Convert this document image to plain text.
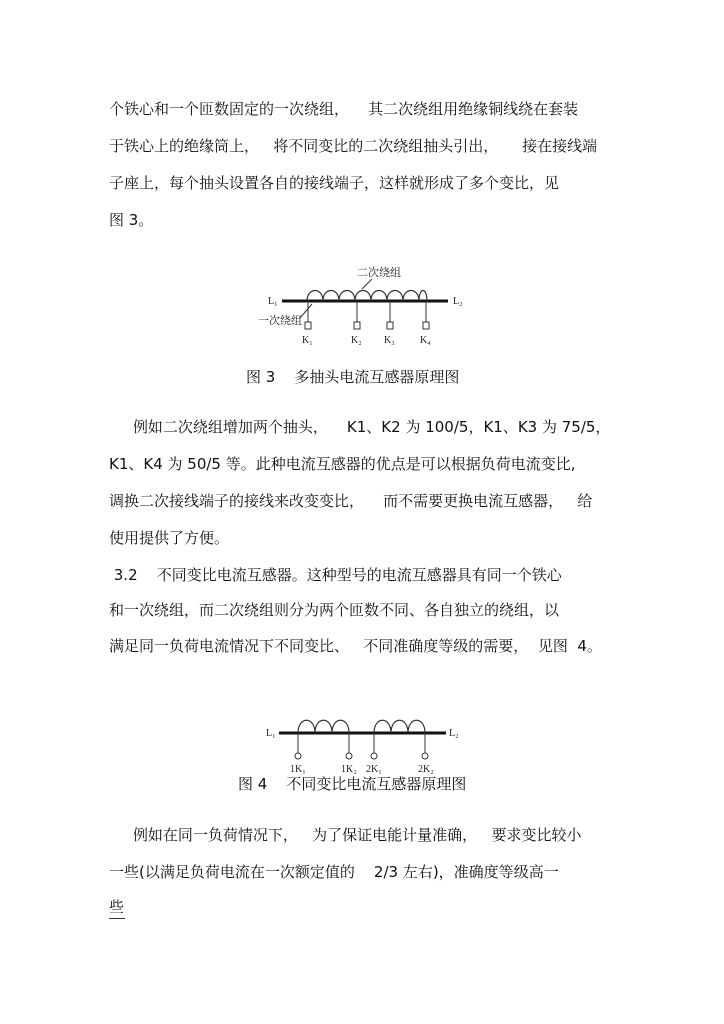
个铁心和一个匝数固定的一次绕组，    其二次绕组用绝缘铜线绕在套装
于铁心上的绝缘筒上，   将不同变比的二次绕组抽头引出，     接在接线端
子座上，每个抽头设置各自的接线端子，这样就形成了多个变比，见
图 3。
二次绕组
L₁	L₂
一次绕组
K₁	K₂ K₃	K₄
图 3    多抽头电流互感器原理图
例如二次绕组增加两个抽头，    K1、K2 为 100/5，K1、K3 为 75/5，
K1、K4 为 50/5 等。此种电流互感器的优点是可以根据负荷电流变比,
调换二次接线端子的接线来改变变比，    而不需要更换电流互感器，   给
使用提供了方便。
3.2    不同变比电流互感器。这种型号的电流互感器具有同一个铁心
和一次绕组，而二次绕组则分为两个匝数不同、各自独立的绕组，以
满足同一负荷电流情况下不同变比、   不同准确度等级的需要，  见图  4。
L₁	L₂
1K₁	1K₂ 2K₁	2K₂
图 4    不同变比电流互感器原理图
例如在同一负荷情况下，   为了保证电能计量准确，   要求变比较小
一些(以满足负荷电流在一次额定值的    2/3 左右)，准确度等级高一
些
